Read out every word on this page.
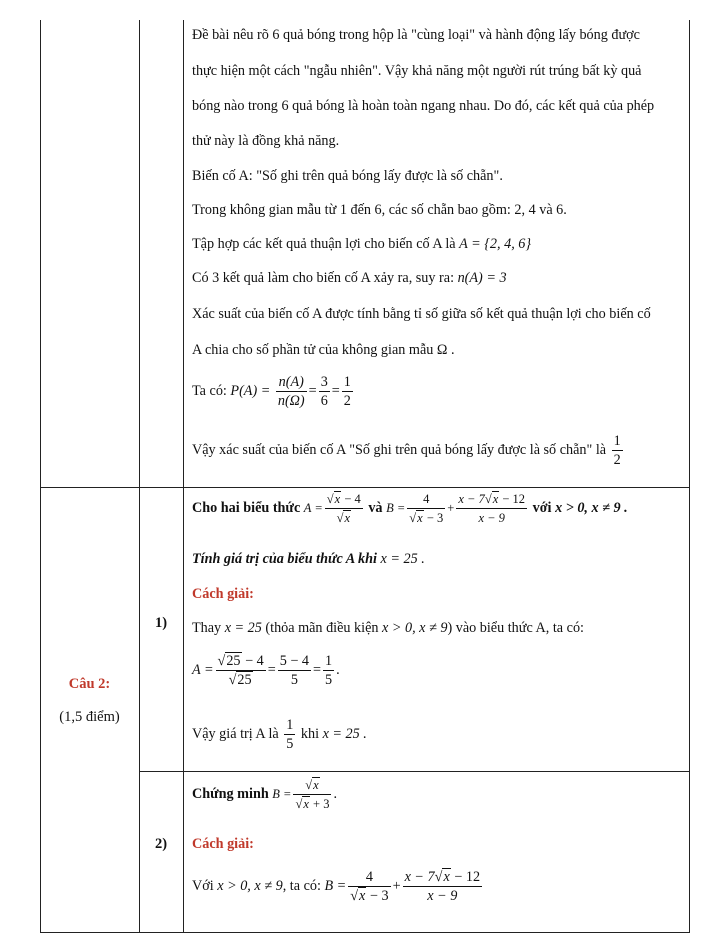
Đề bài nêu rõ 6 quả bóng trong hộp là "cùng loại" và hành động lấy bóng được
thực hiện một cách "ngẫu nhiên". Vậy khả năng một người rút trúng bất kỳ quả
bóng nào trong 6 quả bóng là hoàn toàn ngang nhau. Do đó, các kết quả của phép
thử này là đồng khả năng.
Biến cố A: "Số ghi trên quả bóng lấy được là số chẵn".
Trong không gian mẫu từ 1 đến 6, các số chẵn bao gồm: 2, 4 và 6.
Tập hợp các kết quả thuận lợi cho biến cố A là A = {2, 4, 6}
Có 3 kết quả làm cho biến cố A xảy ra, suy ra: n(A) = 3
Xác suất của biến cố A được tính bằng tỉ số giữa số kết quả thuận lợi cho biến cố
A chia cho số phần tử của không gian mẫu Ω .
Ta có: $P(A) = \frac{n(A)}{n(\Omega)} = \frac{3}{6} = \frac{1}{2}$
Vậy xác suất của biến cố A "Số ghi trên quả bóng lấy được là số chẵn" là $\frac{1}{2}$
Câu 2:
(1,5 điểm)
1)
2)
Cho hai biểu thức $A = \frac{√x - 4}{√x}$ và $B = \frac{4}{√x - 3} + \frac{x - 7√x - 12}{x - 9}$ với x > 0, x ≠ 9 .
Tính giá trị của biểu thức A khi x = 25 .
Cách giải:
Thay x = 25 (thỏa mãn điều kiện x > 0, x ≠ 9) vào biểu thức A, ta có:
$A = \frac{√25 - 4}{√25} = \frac{5 - 4}{5} = \frac{1}{5}$ .
Vậy giá trị A là $\frac{1}{5}$ khi x = 25 .
Chứng minh $B = \frac{√x}{√x + 3}$ .
Cách giải:
Với x > 0, x ≠ 9, ta có: $B = \frac{4}{√x - 3} + \frac{x - 7√x - 12}{x - 9}$
